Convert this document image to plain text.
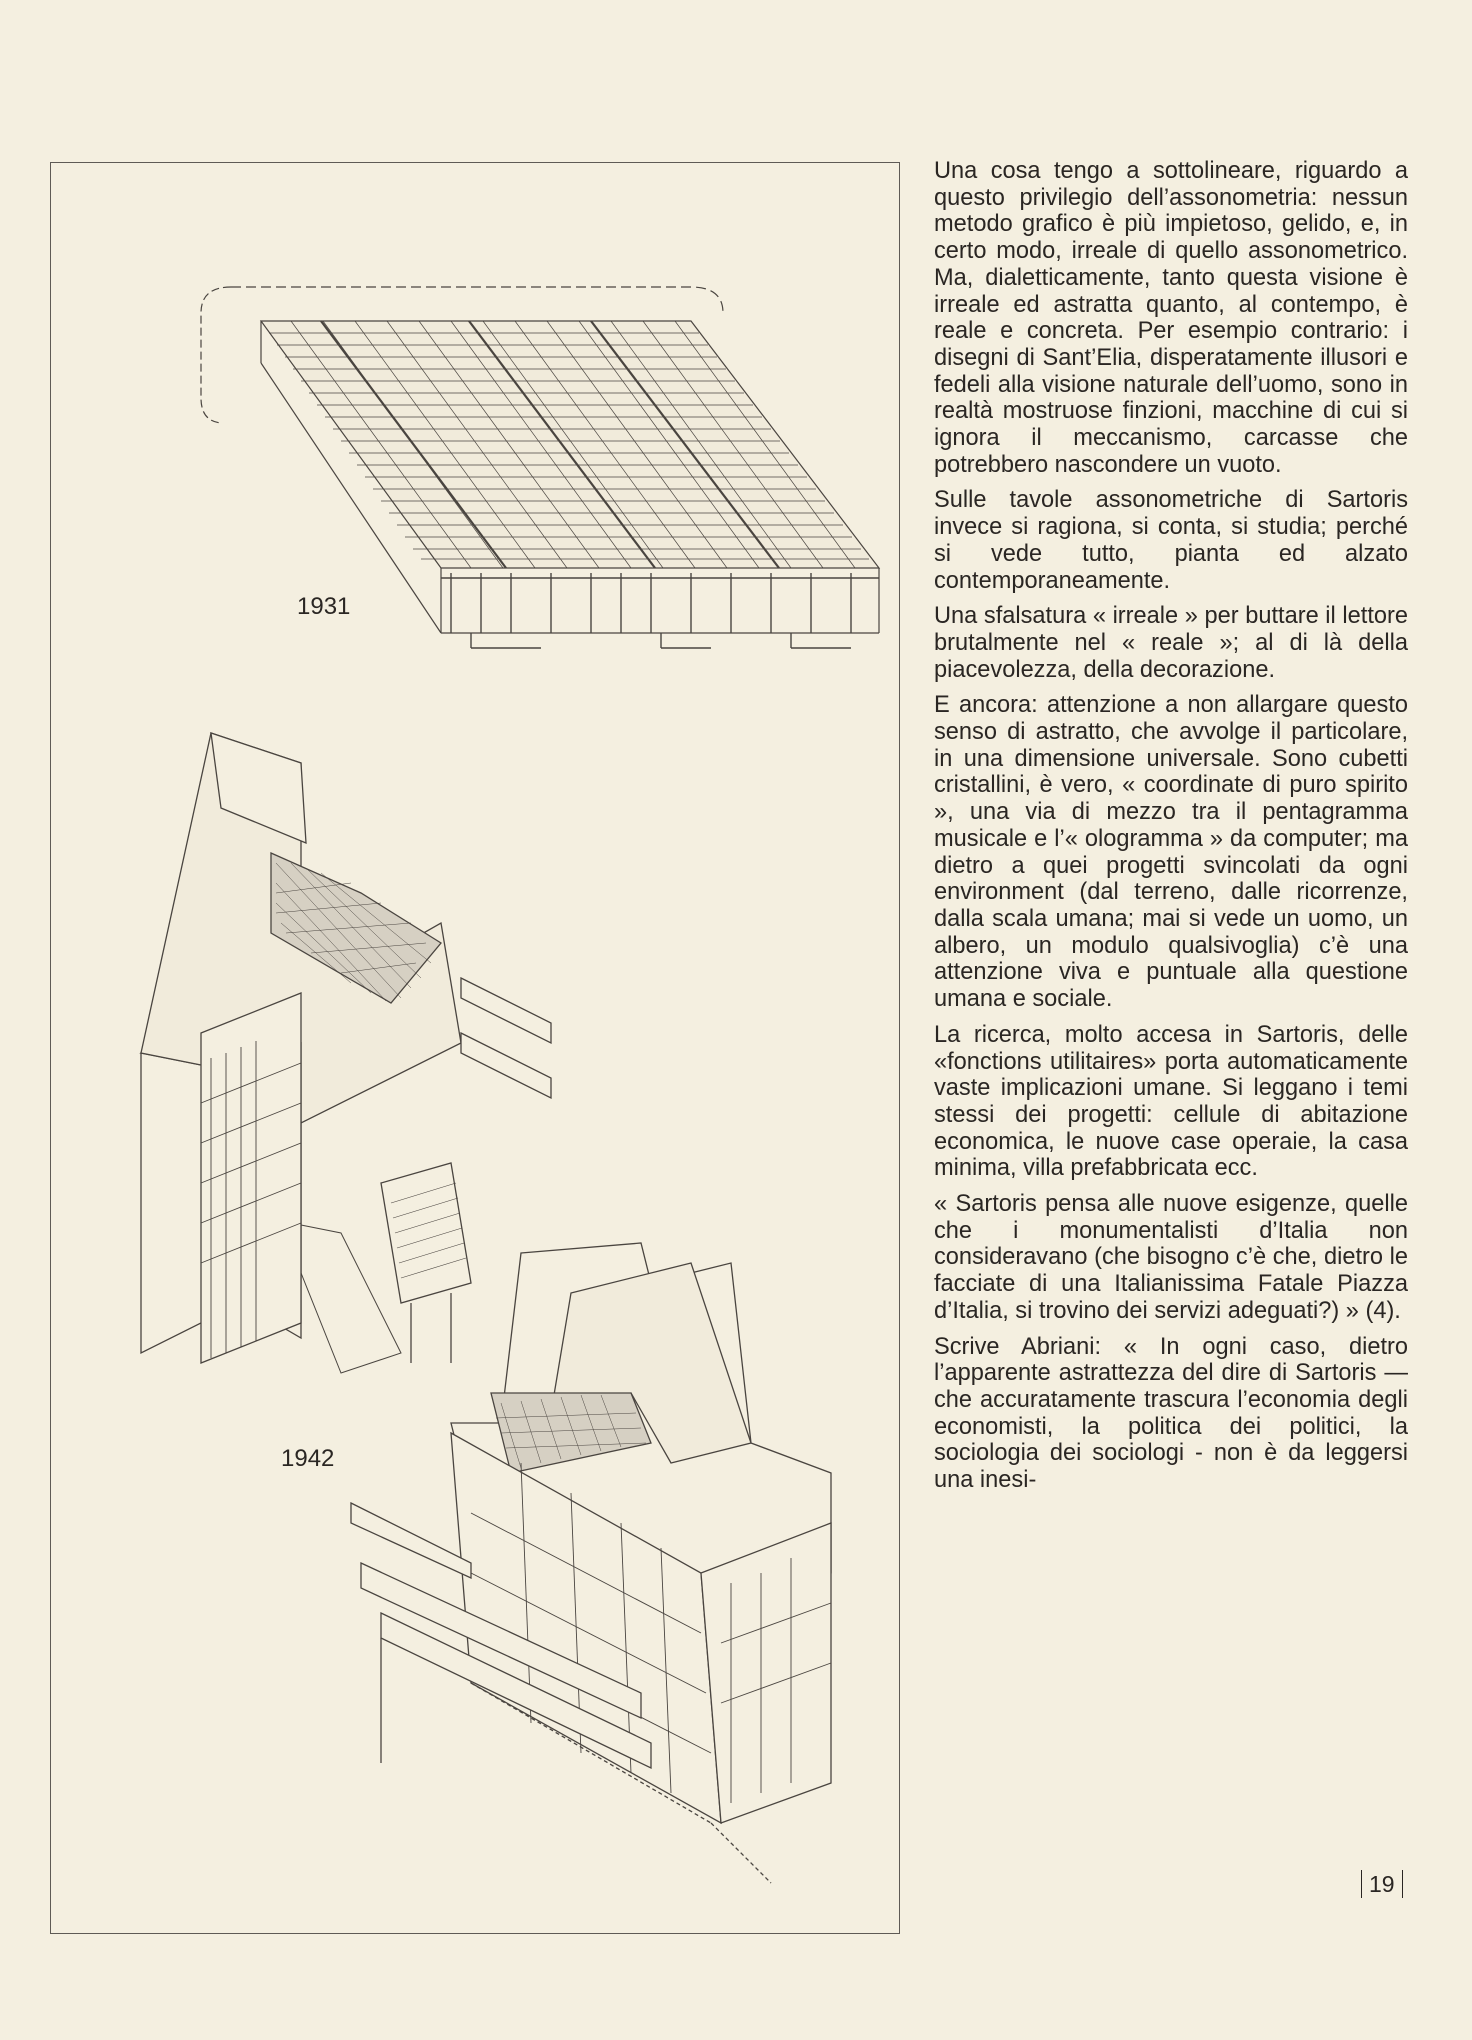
1931
1942

Una cosa tengo a sottolineare, riguardo a questo privilegio dell’assonometria: nessun metodo grafico è più impietoso, gelido, e, in certo modo, irreale di quello assonometrico. Ma, dialetticamente, tanto questa visione è irreale ed astratta quanto, al contempo, è reale e concreta. Per esempio contrario: i disegni di Sant’Elia, disperatamente illusori e fedeli alla visione naturale dell’uomo, sono in realtà mostruose finzioni, macchine di cui si ignora il meccanismo, carcasse che potrebbero nascondere un vuoto.

Sulle tavole assonometriche di Sartoris invece si ragiona, si conta, si studia; perché si vede tutto, pianta ed alzato contemporaneamente.

Una sfalsatura « irreale » per buttare il lettore brutalmente nel « reale »; al di là della piacevolezza, della decorazione.

E ancora: attenzione a non allargare questo senso di astratto, che avvolge il particolare, in una dimensione universale. Sono cubetti cristallini, è vero, « coordinate di puro spirito », una via di mezzo tra il pentagramma musicale e l’« ologramma » da computer; ma dietro a quei progetti svincolati da ogni environment (dal terreno, dalle ricorrenze, dalla scala umana; mai si vede un uomo, un albero, un modulo qualsivoglia) c’è una attenzione viva e puntuale alla questione umana e sociale.

La ricerca, molto accesa in Sartoris, delle «fonctions utilitaires» porta automaticamente vaste implicazioni umane. Si leggano i temi stessi dei progetti: cellule di abitazione economica, le nuove case operaie, la casa minima, villa prefabbricata ecc.

« Sartoris pensa alle nuove esigenze, quelle che i monumentalisti d’Italia non consideravano (che bisogno c’è che, dietro le facciate di una Italianissima Fatale Piazza d’Italia, si trovino dei servizi adeguati?) » (4).

Scrive Abriani: « In ogni caso, dietro l’apparente astrattezza del dire di Sartoris — che accuratamente trascura l’economia degli economisti, la politica dei politici, la sociologia dei sociologi - non è da leggersi una inesi-

19
